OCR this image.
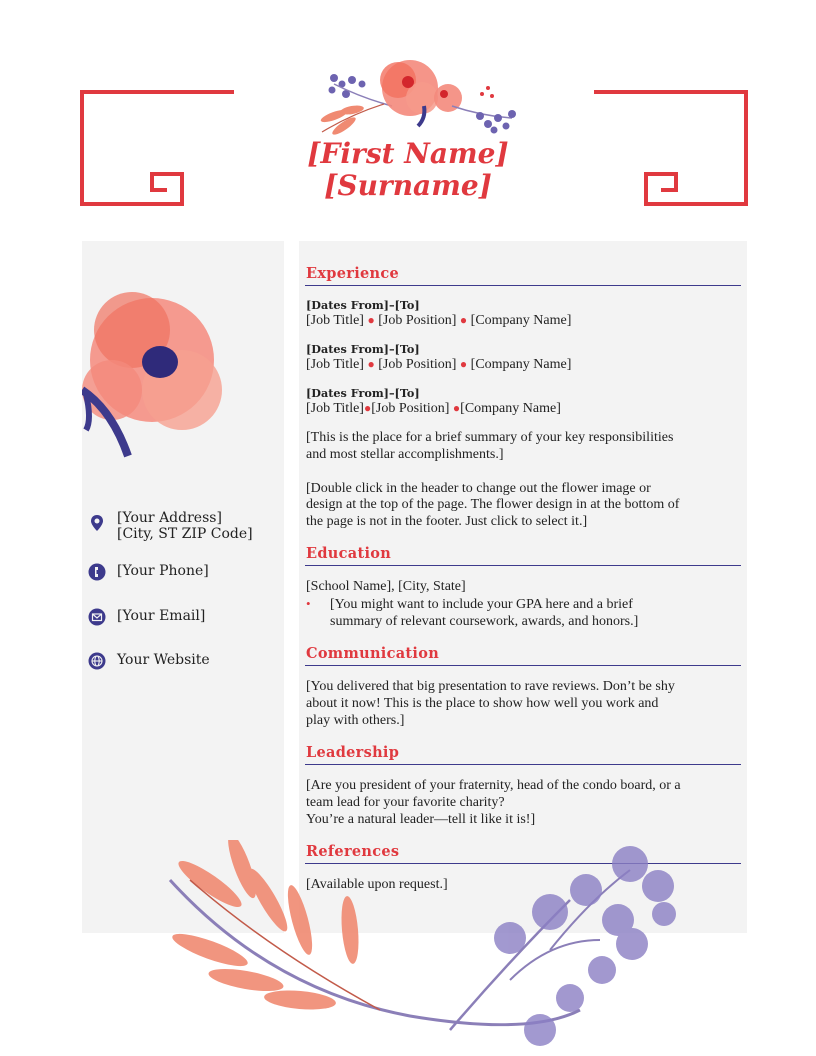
[First Name]
[Surname]
[Your Address]
[City, ST ZIP Code]
[Your Phone]
[Your Email]
Your Website
Experience
[Dates From]–[To]
[Job Title] ● [Job Position] ● [Company Name]
[Dates From]–[To]
[Job Title] ● [Job Position] ● [Company Name]
[Dates From]–[To]
[Job Title]●[Job Position] ●[Company Name]
[This is the place for a brief summary of your key responsibilities
and most stellar accomplishments.]
[Double click in the header to change out the flower image or
design at the top of the page. The flower design in at the bottom of
the page is not in the footer. Just click to select it.]
Education
[School Name], [City, State]
• [You might want to include your GPA here and a brief
summary of relevant coursework, awards, and honors.]
Communication
[You delivered that big presentation to rave reviews. Don’t be shy
about it now! This is the place to show how well you work and
play with others.]
Leadership
[Are you president of your fraternity, head of the condo board, or a
team lead for your favorite charity?
You’re a natural leader—tell it like it is!]
References
[Available upon request.]
